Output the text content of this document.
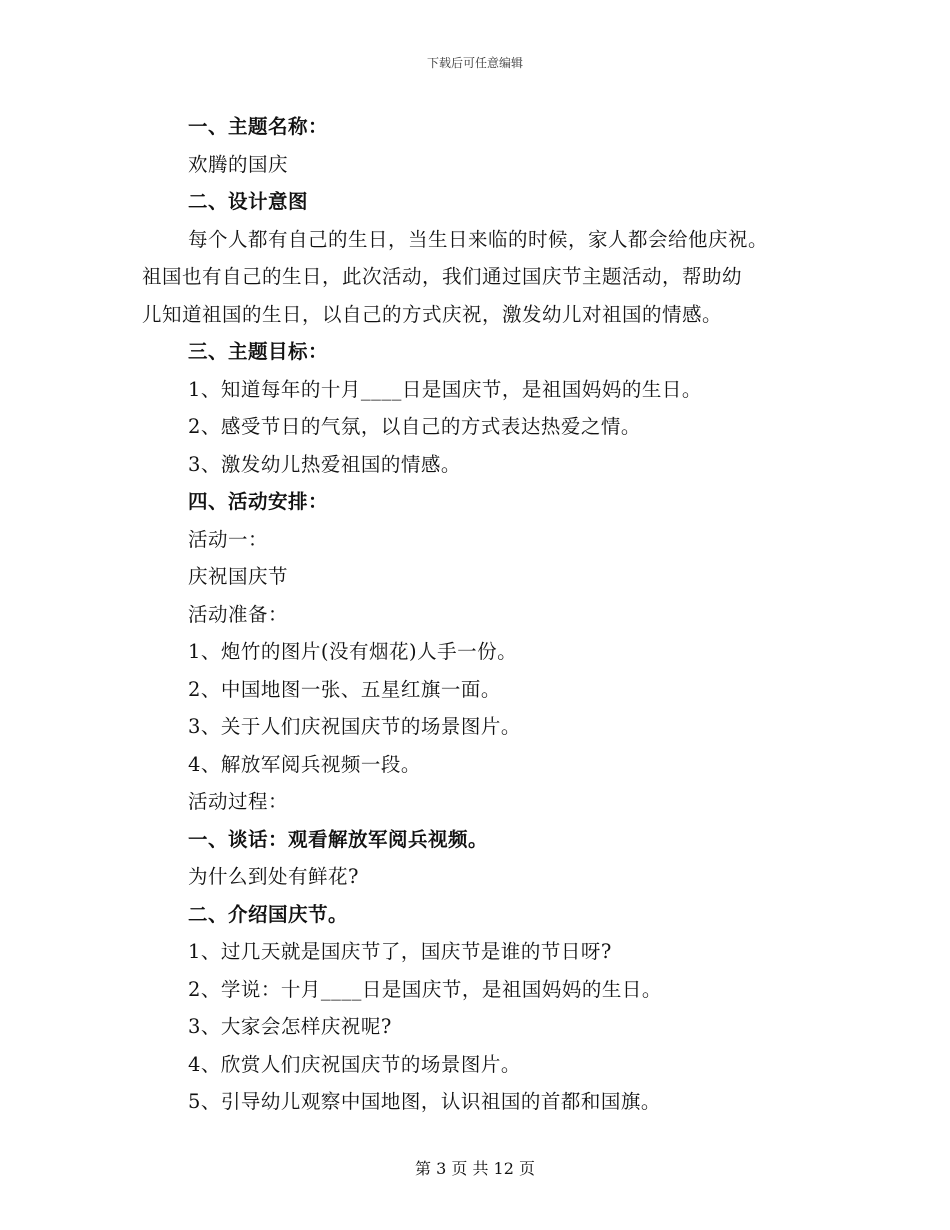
下载后可任意编辑
一、主题名称：
欢腾的国庆
二、设计意图
每个人都有自己的生日，当生日来临的时候，家人都会给他庆祝。
祖国也有自己的生日，此次活动，我们通过国庆节主题活动，帮助幼
儿知道祖国的生日，以自己的方式庆祝，激发幼儿对祖国的情感。
三、主题目标：
1、知道每年的十月____日是国庆节，是祖国妈妈的生日。
2、感受节日的气氛，以自己的方式表达热爱之情。
3、激发幼儿热爱祖国的情感。
四、活动安排：
活动一：
庆祝国庆节
活动准备：
1、炮竹的图片(没有烟花)人手一份。
2、中国地图一张、五星红旗一面。
3、关于人们庆祝国庆节的场景图片。
4、解放军阅兵视频一段。
活动过程：
一、谈话：观看解放军阅兵视频。
为什么到处有鲜花?
二、介绍国庆节。
1、过几天就是国庆节了，国庆节是谁的节日呀?
2、学说：十月____日是国庆节，是祖国妈妈的生日。
3、大家会怎样庆祝呢?
4、欣赏人们庆祝国庆节的场景图片。
5、引导幼儿观察中国地图，认识祖国的首都和国旗。
第 3 页 共 12 页
